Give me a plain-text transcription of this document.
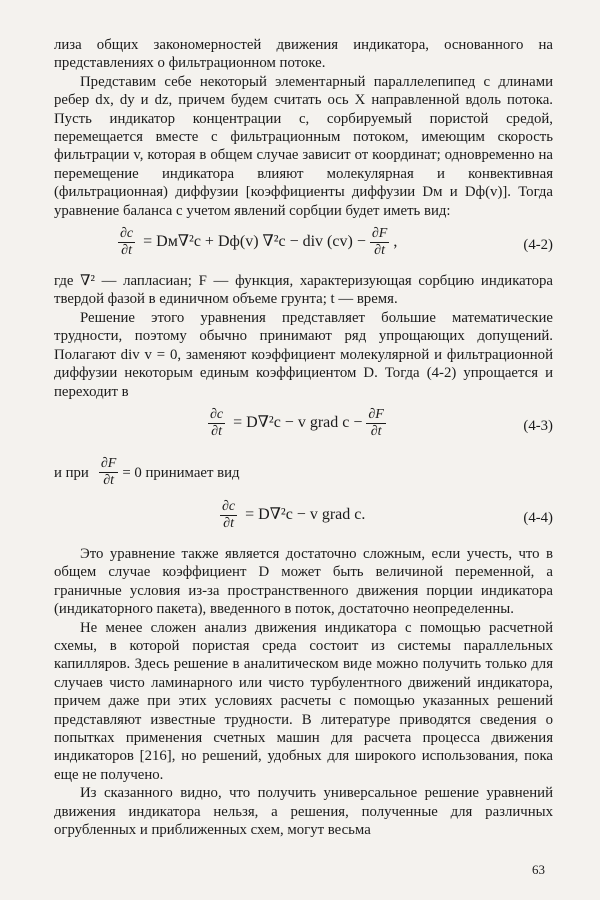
лиза общих закономерностей движения индикатора, основанного на представлениях о фильтрационном потоке.

Представим себе некоторый элементарный параллелепипед с длинами ребер dx, dy и dz, причем будем считать ось X направленной вдоль потока. Пусть индикатор концентрации c, сорбируемый пористой средой, перемещается вместе с фильтрационным потоком, имеющим скорость фильтрации v, которая в общем случае зависит от координат; одновременно на перемещение индикатора влияют молекулярная и конвективная (фильтрационная) диффузии [коэффициенты диффузии Dм и Dф(v)]. Тогда уравнение баланса с учетом явлений сорбции будет иметь вид:

$\frac{\partial c}{\partial t} = Dм\nabla^2c + Dф(v) \nabla^2c$ − div $(cv) - \frac{\partial F}{\partial t}$ ,	(4-2)

где ∇² — лапласиан; F — функция, характеризующая сорбцию индикатора твердой фазой в единичном объеме грунта; t — время.

Решение этого уравнения представляет большие математические трудности, поэтому обычно принимают ряд упрощающих допущений. Полагают div v = 0, заменяют коэффициент молекулярной и фильтрационной диффузии некоторым единым коэффициентом D. Тогда (4-2) упрощается и переходит в

$\frac{\partial c}{\partial t} = D\nabla^2c - v$ grad $c - \frac{\partial F}{\partial t}$	(4-3)
и при $\frac{\partial F}{\partial t} = 0$ принимает вид
$\frac{\partial c}{\partial t} = D\nabla^2c - v$ grad c.	(4-4)

Это уравнение также является достаточно сложным, если учесть, что в общем случае коэффициент D может быть величиной переменной, а граничные условия из-за пространственного движения порции индикатора (индикаторного пакета), введенного в поток, достаточно неопределенны.

Не менее сложен анализ движения индикатора с помощью расчетной схемы, в которой пористая среда состоит из системы параллельных капилляров. Здесь решение в аналитическом виде можно получить только для случаев чисто ламинарного или чисто турбулентного движений индикатора, причем даже при этих условиях расчеты с помощью указанных решений представляют известные трудности. В литературе приводятся сведения о попытках применения счетных машин для расчета процесса движения индикаторов [216], но решений, удобных для широкого использования, пока еще не получено.

Из сказанного видно, что получить универсальное решение уравнений движения индикатора нельзя, а решения, полученные для различных огрубленных и приближенных схем, могут весьма

63
